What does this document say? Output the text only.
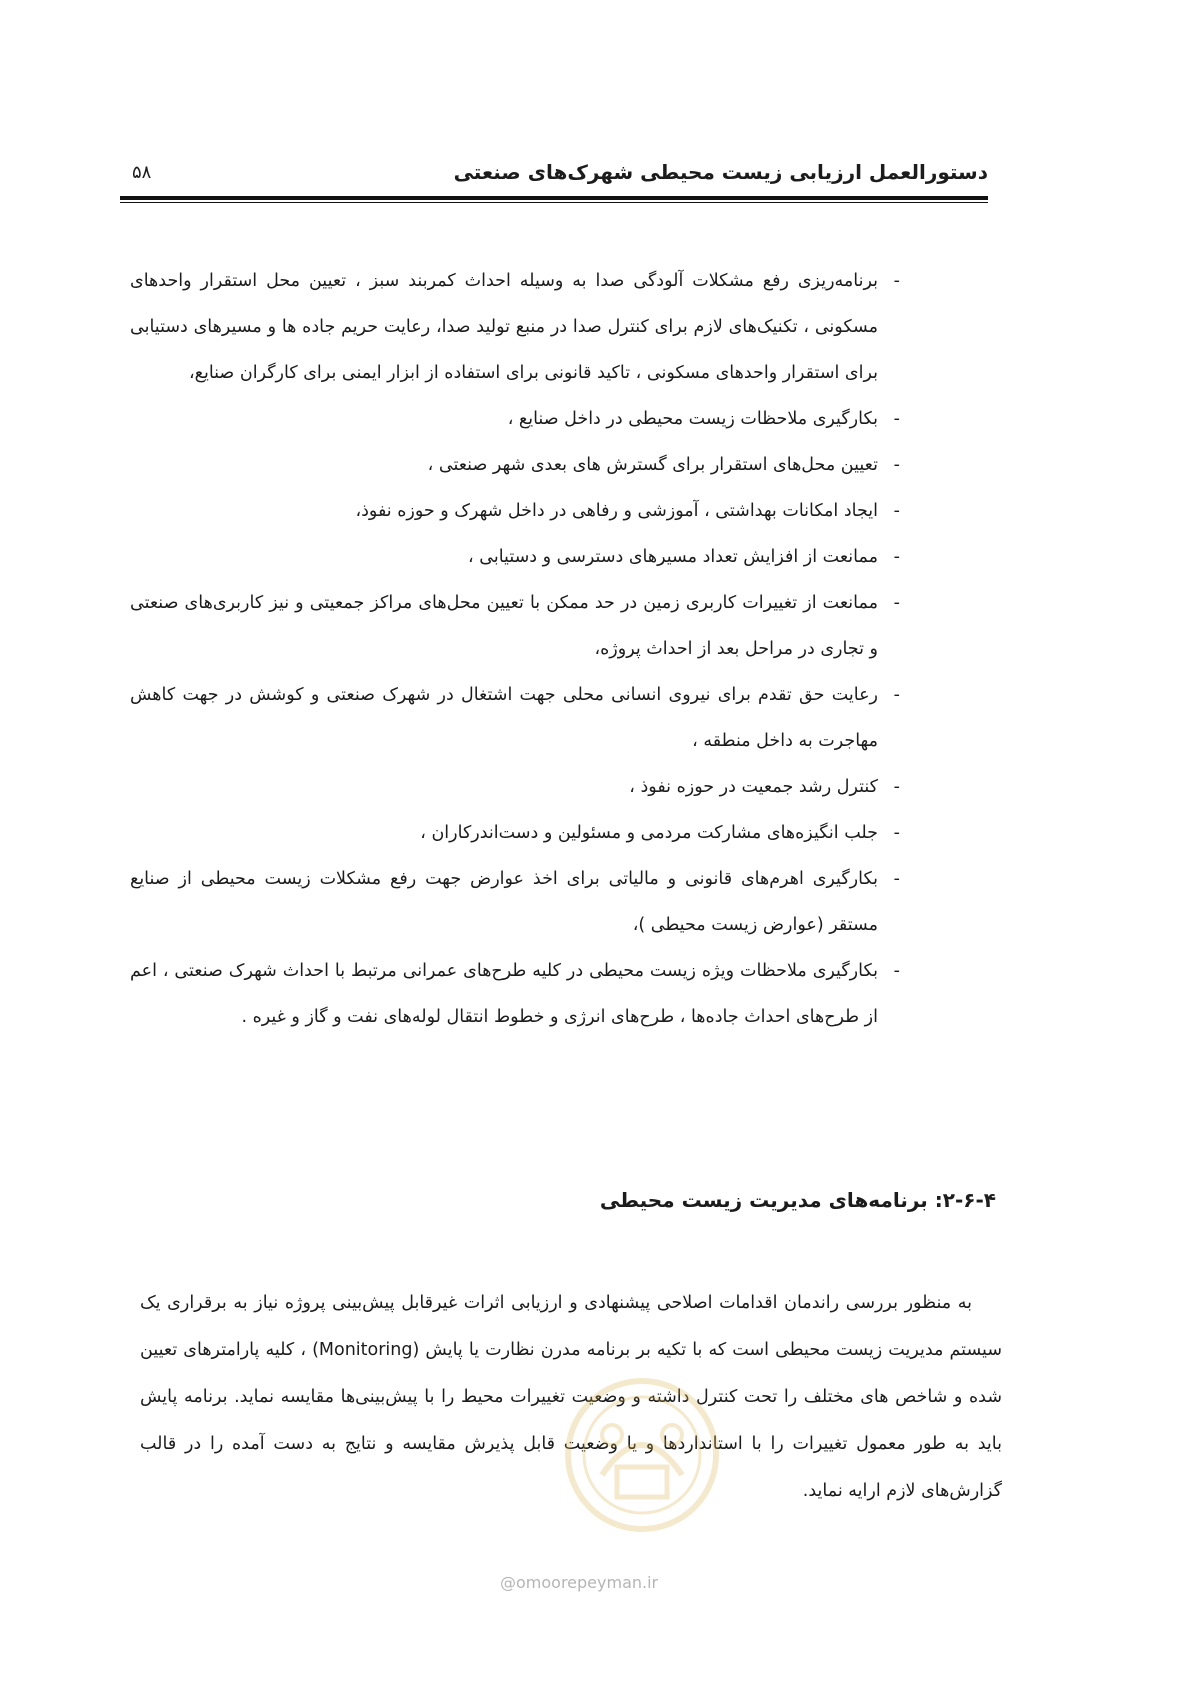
دستورالعمل ارزیابی زیست محیطی شهرک‌های صنعتی
۵۸
-
برنامه‌ریزی رفع مشکلات آلودگی صدا به وسیله احداث کمربند سبز ، تعیین محل استقرار واحدهای مسکونی ، تکنیک‌های لازم برای کنترل صدا در منبع تولید صدا، رعایت حریم جاده ها و مسیرهای دستیابی برای استقرار واحدهای مسکونی ، تاکید قانونی برای استفاده از ابزار ایمنی برای کارگران صنایع،
-
بکارگیری ملاحظات زیست محیطی در داخل صنایع ،
-
تعیین محل‌های استقرار برای گسترش های بعدی شهر صنعتی ،
-
ایجاد امکانات بهداشتی ، آموزشی و رفاهی در داخل شهرک و حوزه نفوذ،
-
ممانعت از افزایش تعداد مسیرهای دسترسی و دستیابی ،
-
ممانعت از تغییرات کاربری زمین در حد ممکن با تعیین محل‌های مراکز جمعیتی و نیز کاربری‌های صنعتی و تجاری در مراحل بعد از احداث پروژه،
-
رعایت حق تقدم برای نیروی انسانی محلی جهت اشتغال در شهرک صنعتی و کوشش در جهت کاهش مهاجرت به داخل منطقه ،
-
کنترل رشد جمعیت در حوزه نفوذ ،
-
جلب انگیزه‌های مشارکت مردمی و مسئولین و دست‌اندرکاران ،
-
بکارگیری اهرم‌های قانونی و مالیاتی برای اخذ عوارض جهت رفع مشکلات زیست محیطی از صنایع مستقر (عوارض زیست محیطی )،
-
بکارگیری ملاحظات ویژه زیست محیطی در کلیه طرح‌های عمرانی مرتبط با احداث شهرک صنعتی ، اعم از طرح‌های احداث جاده‌ها ، طرح‌های انرژی و خطوط انتقال لوله‌های نفت و گاز و غیره .
۲-۶-۴: برنامه‌های مدیریت زیست محیطی

به منظور بررسی راندمان اقدامات اصلاحی پیشنهادی و ارزیابی اثرات غیرقابل پیش‌بینی پروژه نیاز به برقراری یک سیستم مدیریت زیست محیطی است که با تکیه بر برنامه مدرن نظارت یا پایش (Monitoring) ، کلیه پارامترهای تعیین شده و شاخص های مختلف را تحت کنترل داشته و وضعیت تغییرات محیط را با پیش‌بینی‌ها مقایسه نماید. برنامه پایش باید به طور معمول تغییرات را با استانداردها و یا وضعیت قابل پذیرش مقایسه و نتایج به دست آمده را در قالب گزارش‌های لازم ارایه نماید.

@omoorepeyman.ir
